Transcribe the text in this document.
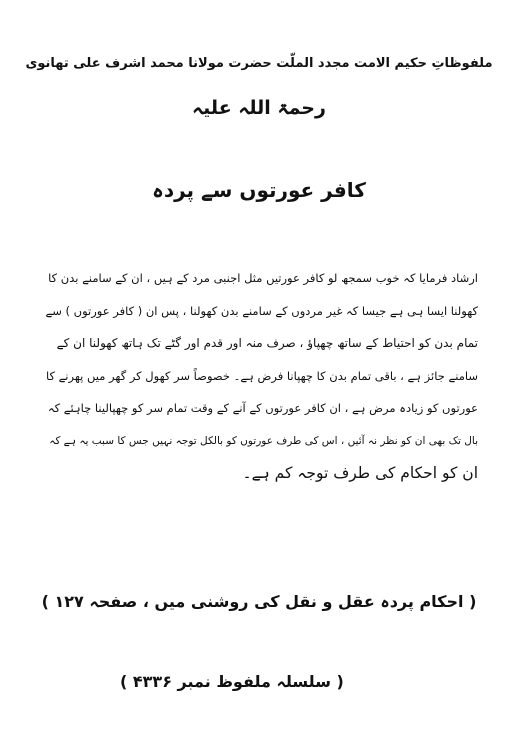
ملفوظاتِ حکیم الامت مجدد الملّت حضرت مولانا محمد اشرف علی تھانوی
رحمۃ اللہ علیہ
کافر عورتوں سے پردہ
ارشاد فرمایا کہ خوب سمجھ لو کافر عورتیں مثل اجنبی مرد کے ہیں ، ان کے سامنے بدن کا
کھولنا ایسا ہی ہے جیسا کہ غیر مردوں کے سامنے بدن کھولنا ، پس ان ( کافر عورتوں ) سے
تمام بدن کو احتیاط کے ساتھ چھپاؤ ، صرف منہ اور قدم اور گٹے تک ہاتھ کھولنا ان کے
سامنے جائز ہے ، باقی تمام بدن کا چھپانا فرض ہے۔ خصوصاً سر کھول کر گھر میں پھرنے کا
عورتوں کو زیادہ مرض ہے ، ان کافر عورتوں کے آنے کے وقت تمام سر کو چھپالینا چاہئے کہ
بال تک بھی ان کو نظر نہ آئیں ، اس کی طرف عورتوں کو بالکل توجہ نہیں جس کا سبب یہ ہے کہ
ان کو احکام کی طرف توجہ کم ہے۔
( احکام پردہ عقل و نقل کی روشنی میں ، صفحہ ۱۲۷ )
( سلسلہ ملفوظ نمبر ۴۳۳۶ )
